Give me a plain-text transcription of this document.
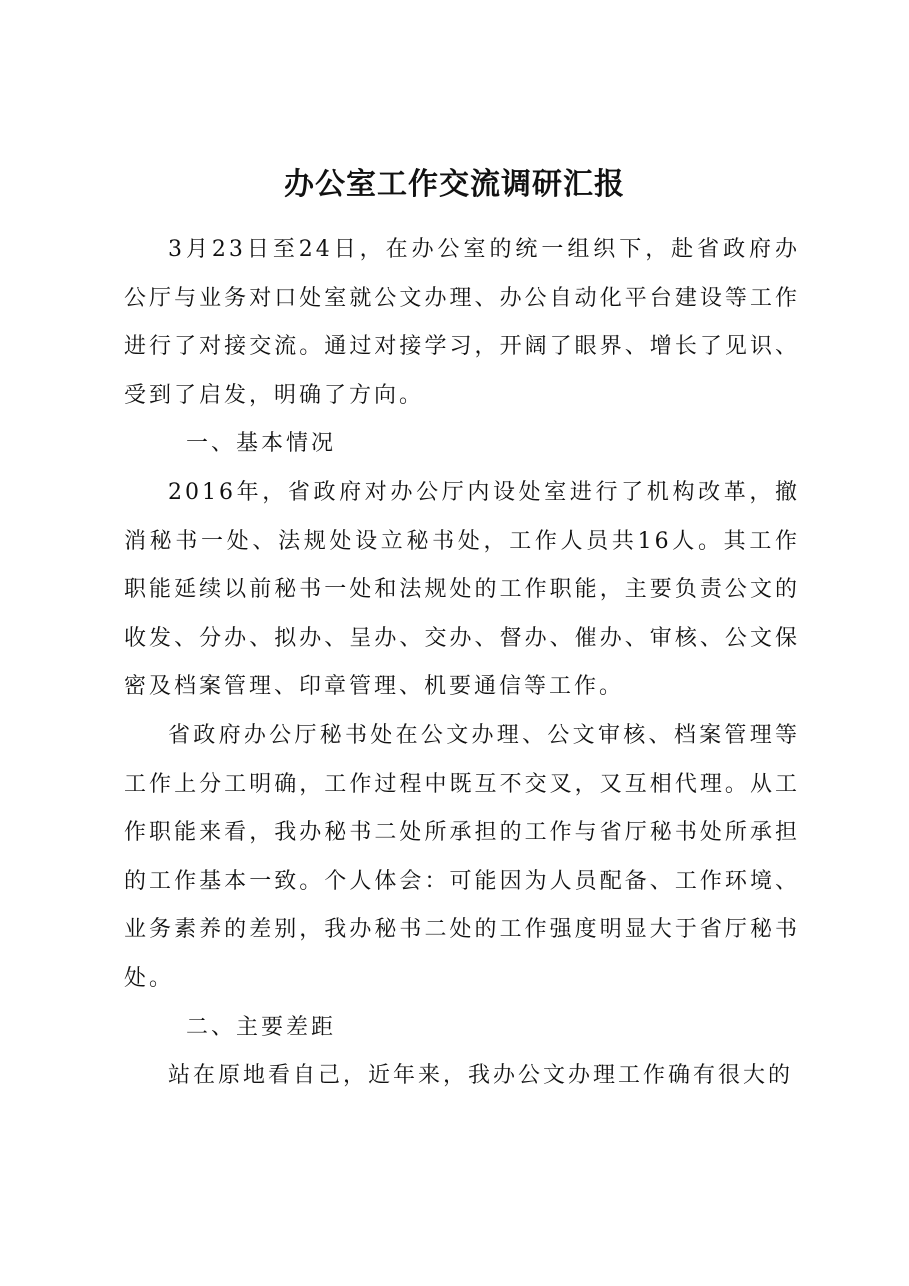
办公室工作交流调研汇报

3月23日至24日，在办公室的统一组织下，赴省政府办公厅与业务对口处室就公文办理、办公自动化平台建设等工作进行了对接交流。通过对接学习，开阔了眼界、增长了见识、受到了启发，明确了方向。

一、基本情况

2016年，省政府对办公厅内设处室进行了机构改革，撤消秘书一处、法规处设立秘书处，工作人员共16人。其工作职能延续以前秘书一处和法规处的工作职能，主要负责公文的收发、分办、拟办、呈办、交办、督办、催办、审核、公文保密及档案管理、印章管理、机要通信等工作。

省政府办公厅秘书处在公文办理、公文审核、档案管理等工作上分工明确，工作过程中既互不交叉，又互相代理。从工作职能来看，我办秘书二处所承担的工作与省厅秘书处所承担的工作基本一致。个人体会：可能因为人员配备、工作环境、业务素养的差别，我办秘书二处的工作强度明显大于省厅秘书处。

二、主要差距

站在原地看自己，近年来，我办公文办理工作确有很大的
